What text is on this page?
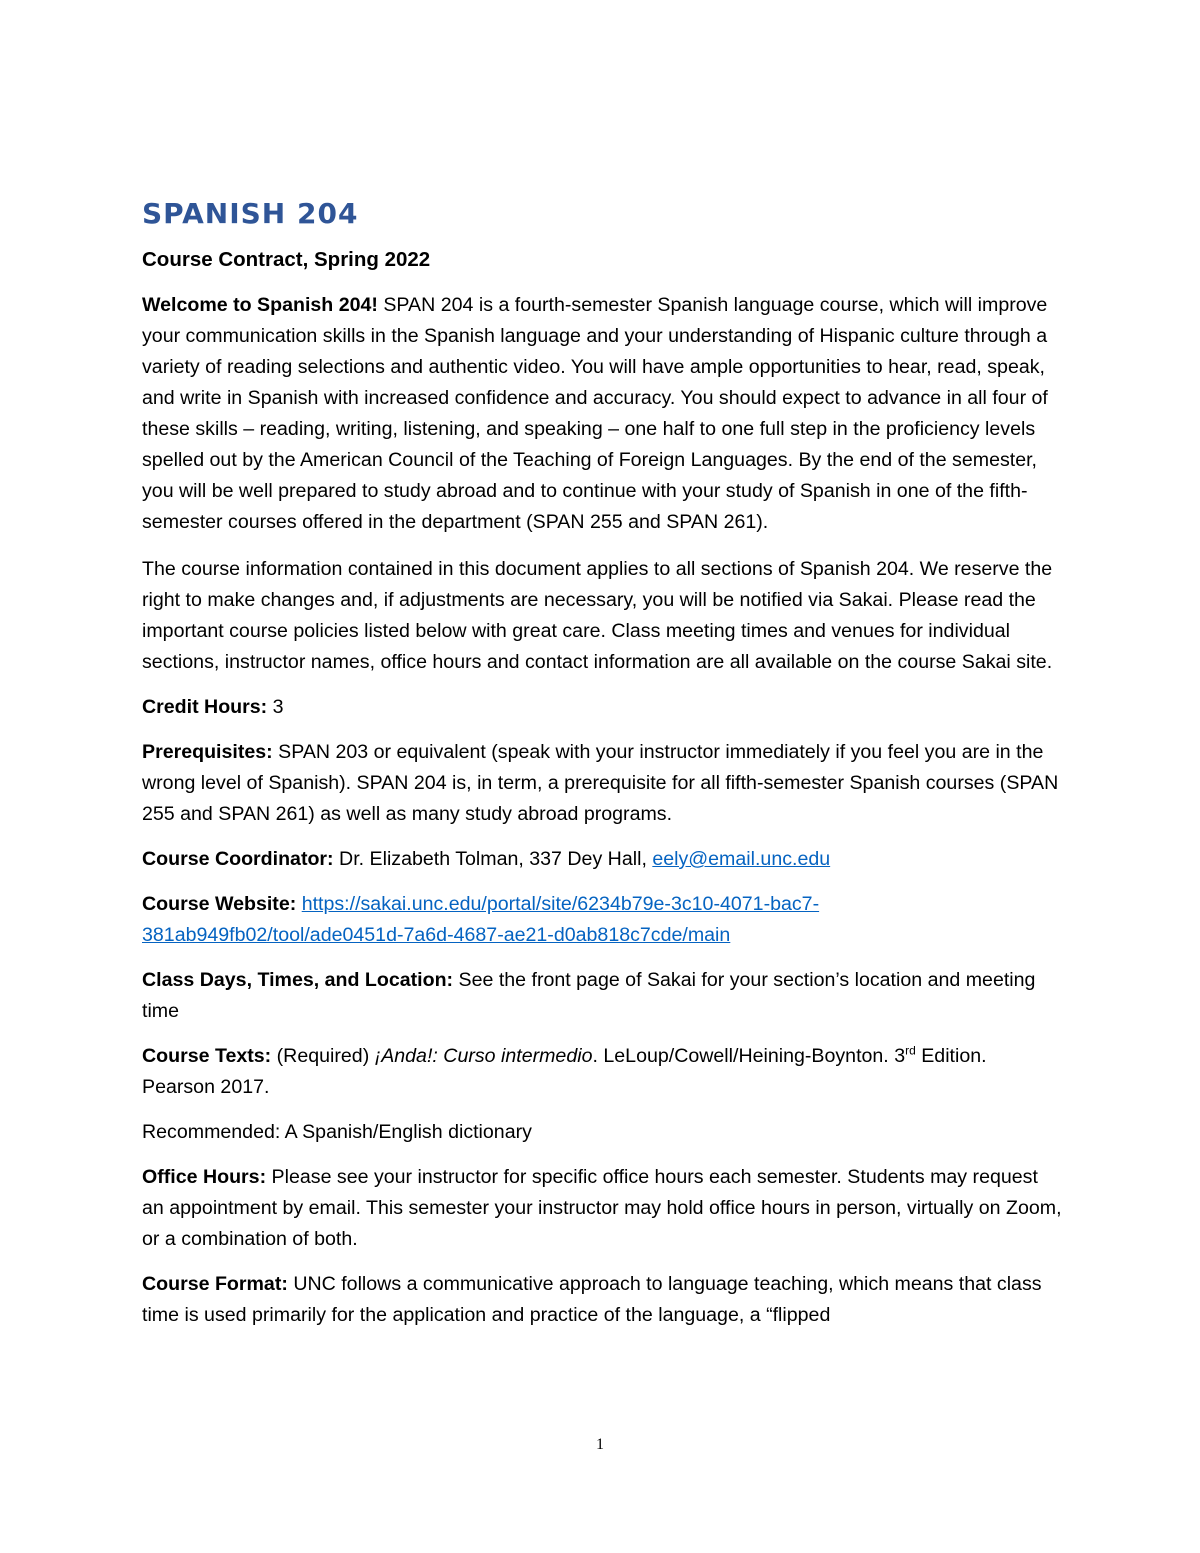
SPANISH 204
Course Contract, Spring 2022

Welcome to Spanish 204! SPAN 204 is a fourth-semester Spanish language course, which will improve your communication skills in the Spanish language and your understanding of Hispanic culture through a variety of reading selections and authentic video. You will have ample opportunities to hear, read, speak, and write in Spanish with increased confidence and accuracy. You should expect to advance in all four of these skills – reading, writing, listening, and speaking – one half to one full step in the proficiency levels spelled out by the American Council of the Teaching of Foreign Languages. By the end of the semester, you will be well prepared to study abroad and to continue with your study of Spanish in one of the fifth-semester courses offered in the department (SPAN 255 and SPAN 261).

The course information contained in this document applies to all sections of Spanish 204. We reserve the right to make changes and, if adjustments are necessary, you will be notified via Sakai. Please read the important course policies listed below with great care. Class meeting times and venues for individual sections, instructor names, office hours and contact information are all available on the course Sakai site.

Credit Hours: 3

Prerequisites: SPAN 203 or equivalent (speak with your instructor immediately if you feel you are in the wrong level of Spanish). SPAN 204 is, in term, a prerequisite for all fifth-semester Spanish courses (SPAN 255 and SPAN 261) as well as many study abroad programs.

Course Coordinator: Dr. Elizabeth Tolman, 337 Dey Hall, eely@email.unc.edu

Course Website: https://sakai.unc.edu/portal/site/6234b79e-3c10-4071-bac7-
381ab949fb02/tool/ade0451d-7a6d-4687-ae21-d0ab818c7cde/main

Class Days, Times, and Location: See the front page of Sakai for your section’s location and meeting time

Course Texts: (Required) ¡Anda!: Curso intermedio. LeLoup/Cowell/Heining-Boynton. 3rd Edition. Pearson 2017.

Recommended: A Spanish/English dictionary

Office Hours: Please see your instructor for specific office hours each semester. Students may request an appointment by email. This semester your instructor may hold office hours in person, virtually on Zoom, or a combination of both.

Course Format: UNC follows a communicative approach to language teaching, which means that class time is used primarily for the application and practice of the language, a “flipped

1
